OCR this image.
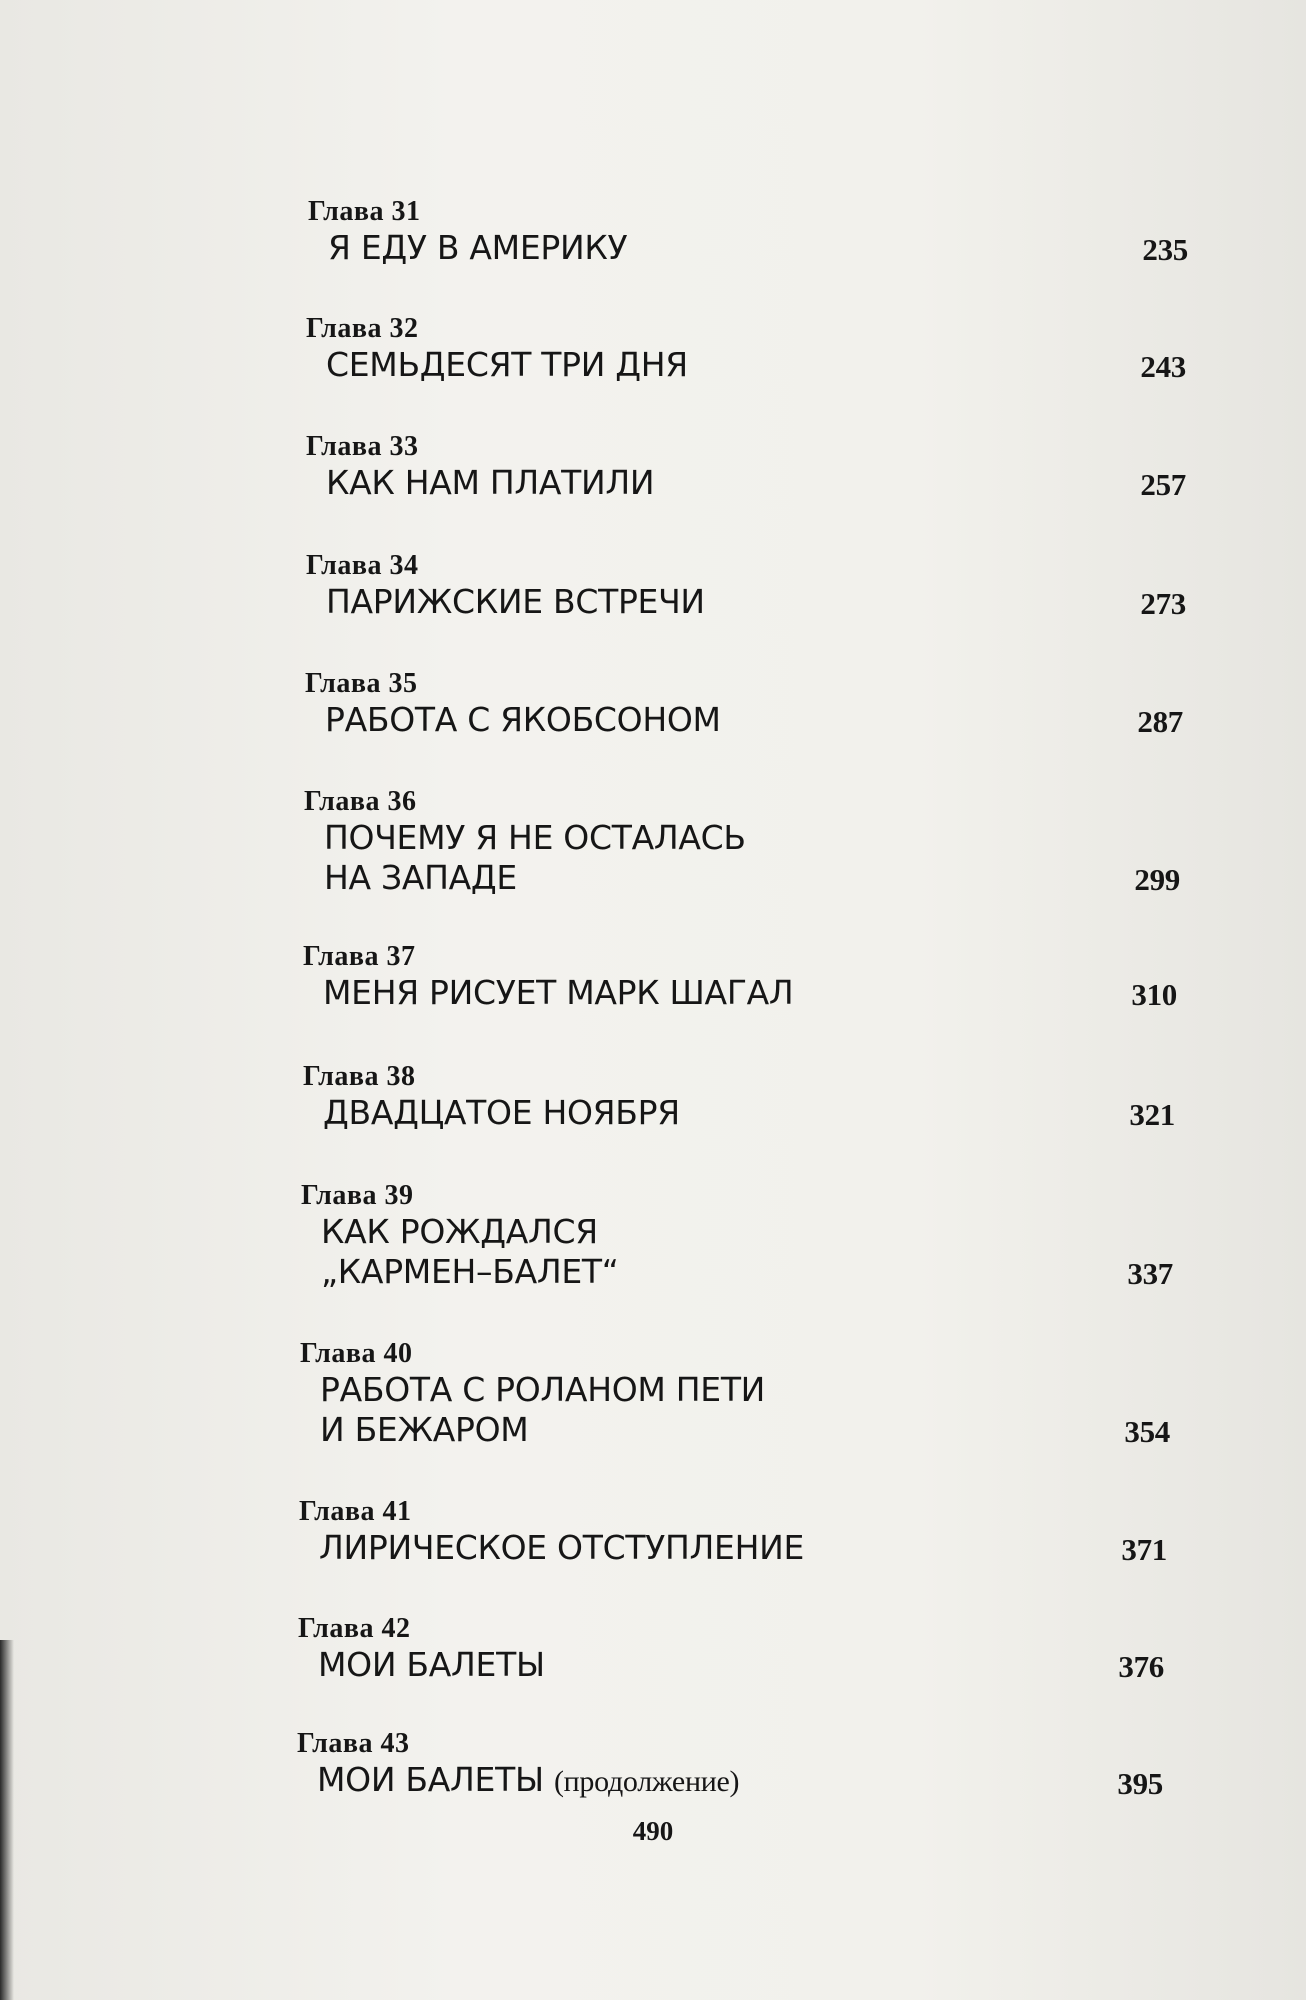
Глава 31
Я ЕДУ В АМЕРИКУ	235
Глава 32
СЕМЬДЕСЯТ ТРИ ДНЯ	243
Глава 33
КАК НАМ ПЛАТИЛИ	257
Глава 34
ПАРИЖСКИЕ ВСТРЕЧИ	273
Глава 35
РАБОТА С ЯКОБСОНОМ	287
Глава 36
ПОЧЕМУ Я НЕ ОСТАЛАСЬ
НА ЗАПАДЕ	299
Глава 37
МЕНЯ РИСУЕТ МАРК ШАГАЛ	310
Глава 38
ДВАДЦАТОЕ НОЯБРЯ	321
Глава 39
КАК РОЖДАЛСЯ
„КАРМЕН–БАЛЕТ“	337
Глава 40
РАБОТА С РОЛАНОМ ПЕТИ
И БЕЖАРОМ	354
Глава 41
ЛИРИЧЕСКОЕ ОТСТУПЛЕНИЕ	371
Глава 42
МОИ БАЛЕТЫ	376
Глава 43
МОИ БАЛЕТЫ (продолжение)	395
490
